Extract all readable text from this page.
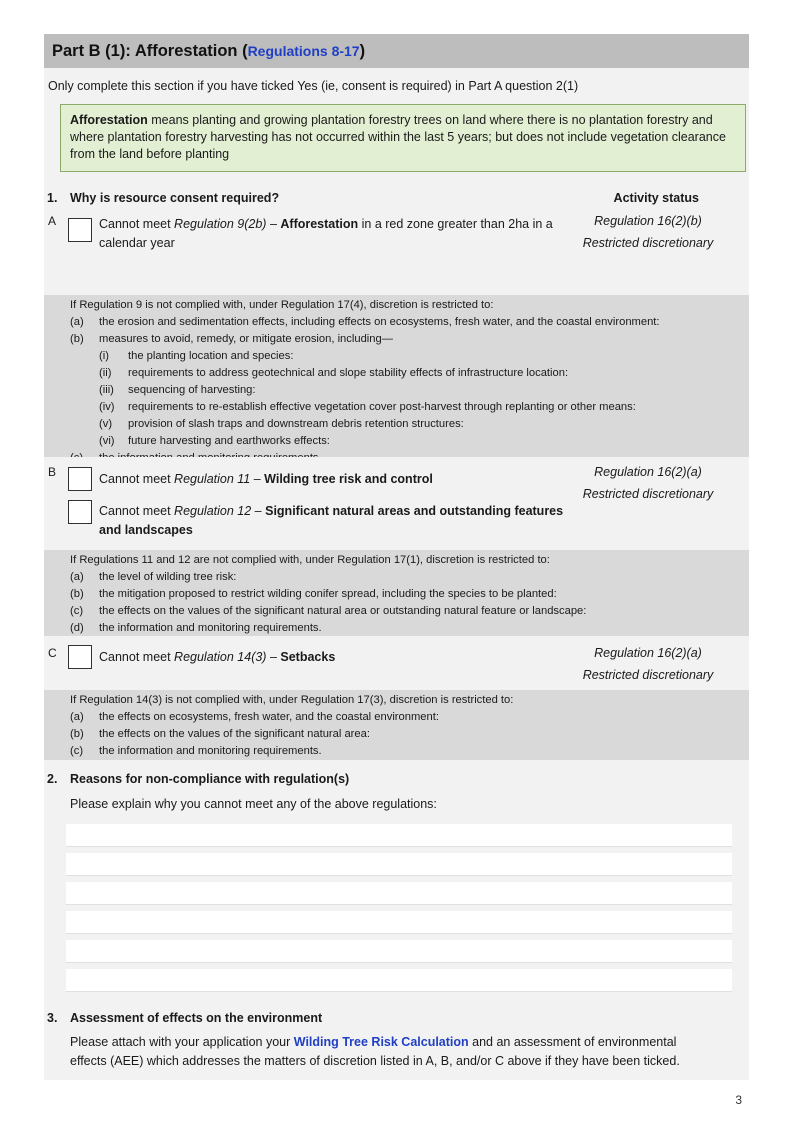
Part B (1): Afforestation ( Regulations 8-17 )
Only complete this section if you have ticked Yes (ie, consent is required) in Part A question 2(1)
Afforestation means planting and growing plantation forestry trees on land where there is no plantation forestry and where plantation forestry harvesting has not occurred within the last 5 years; but does not include vegetation clearance from the land before planting
1. Why is resource consent required?	Activity status
A	Cannot meet Regulation 9(2b) – Afforestation in a red zone greater than 2ha in a calendar year
Regulation 16(2)(b)
Restricted discretionary
If Regulation 9 is not complied with, under Regulation 17(4), discretion is restricted to:
(a)	the erosion and sedimentation effects, including effects on ecosystems, fresh water, and the coastal environment:
(b)	measures to avoid, remedy, or mitigate erosion, including—
(i)	the planting location and species:
(ii)	requirements to address geotechnical and slope stability effects of infrastructure location:
(iii)	sequencing of harvesting:
(iv)	requirements to re-establish effective vegetation cover post-harvest through replanting or other means:
(v)	provision of slash traps and downstream debris retention structures:
(vi)	future harvesting and earthworks effects:
B	Cannot meet Regulation 11 – Wilding tree risk and control
Cannot meet Regulation 12 – Significant natural areas and outstanding features and landscapes
Regulation 16(2)(a)
Restricted discretionary
If Regulations 11 and 12 are not complied with, under Regulation 17(1), discretion is restricted to:
(a)	the level of wilding tree risk:
(b)	the mitigation proposed to restrict wilding conifer spread, including the species to be planted:
(c)	the effects on the values of the significant natural area or outstanding natural feature or landscape:
(d)	the information and monitoring requirements.
C	Cannot meet Regulation 14(3) – Setbacks	Regulation 16(2)(a)
Restricted discretionary
If Regulation 14(3) is not complied with, under Regulation 17(3), discretion is restricted to:
(a)	the effects on ecosystems, fresh water, and the coastal environment:
(b)	the effects on the values of the significant natural area:
(c)	the information and monitoring requirements.
2. Reasons for non-compliance with regulation(s)
Please explain why you cannot meet any of the above regulations:
3. Assessment of effects on the environment
Please attach with your application your Wilding Tree Risk Calculation and an assessment of environmental effects (AEE) which addresses the matters of discretion listed in A, B, and/or C above if they have been ticked.
3
